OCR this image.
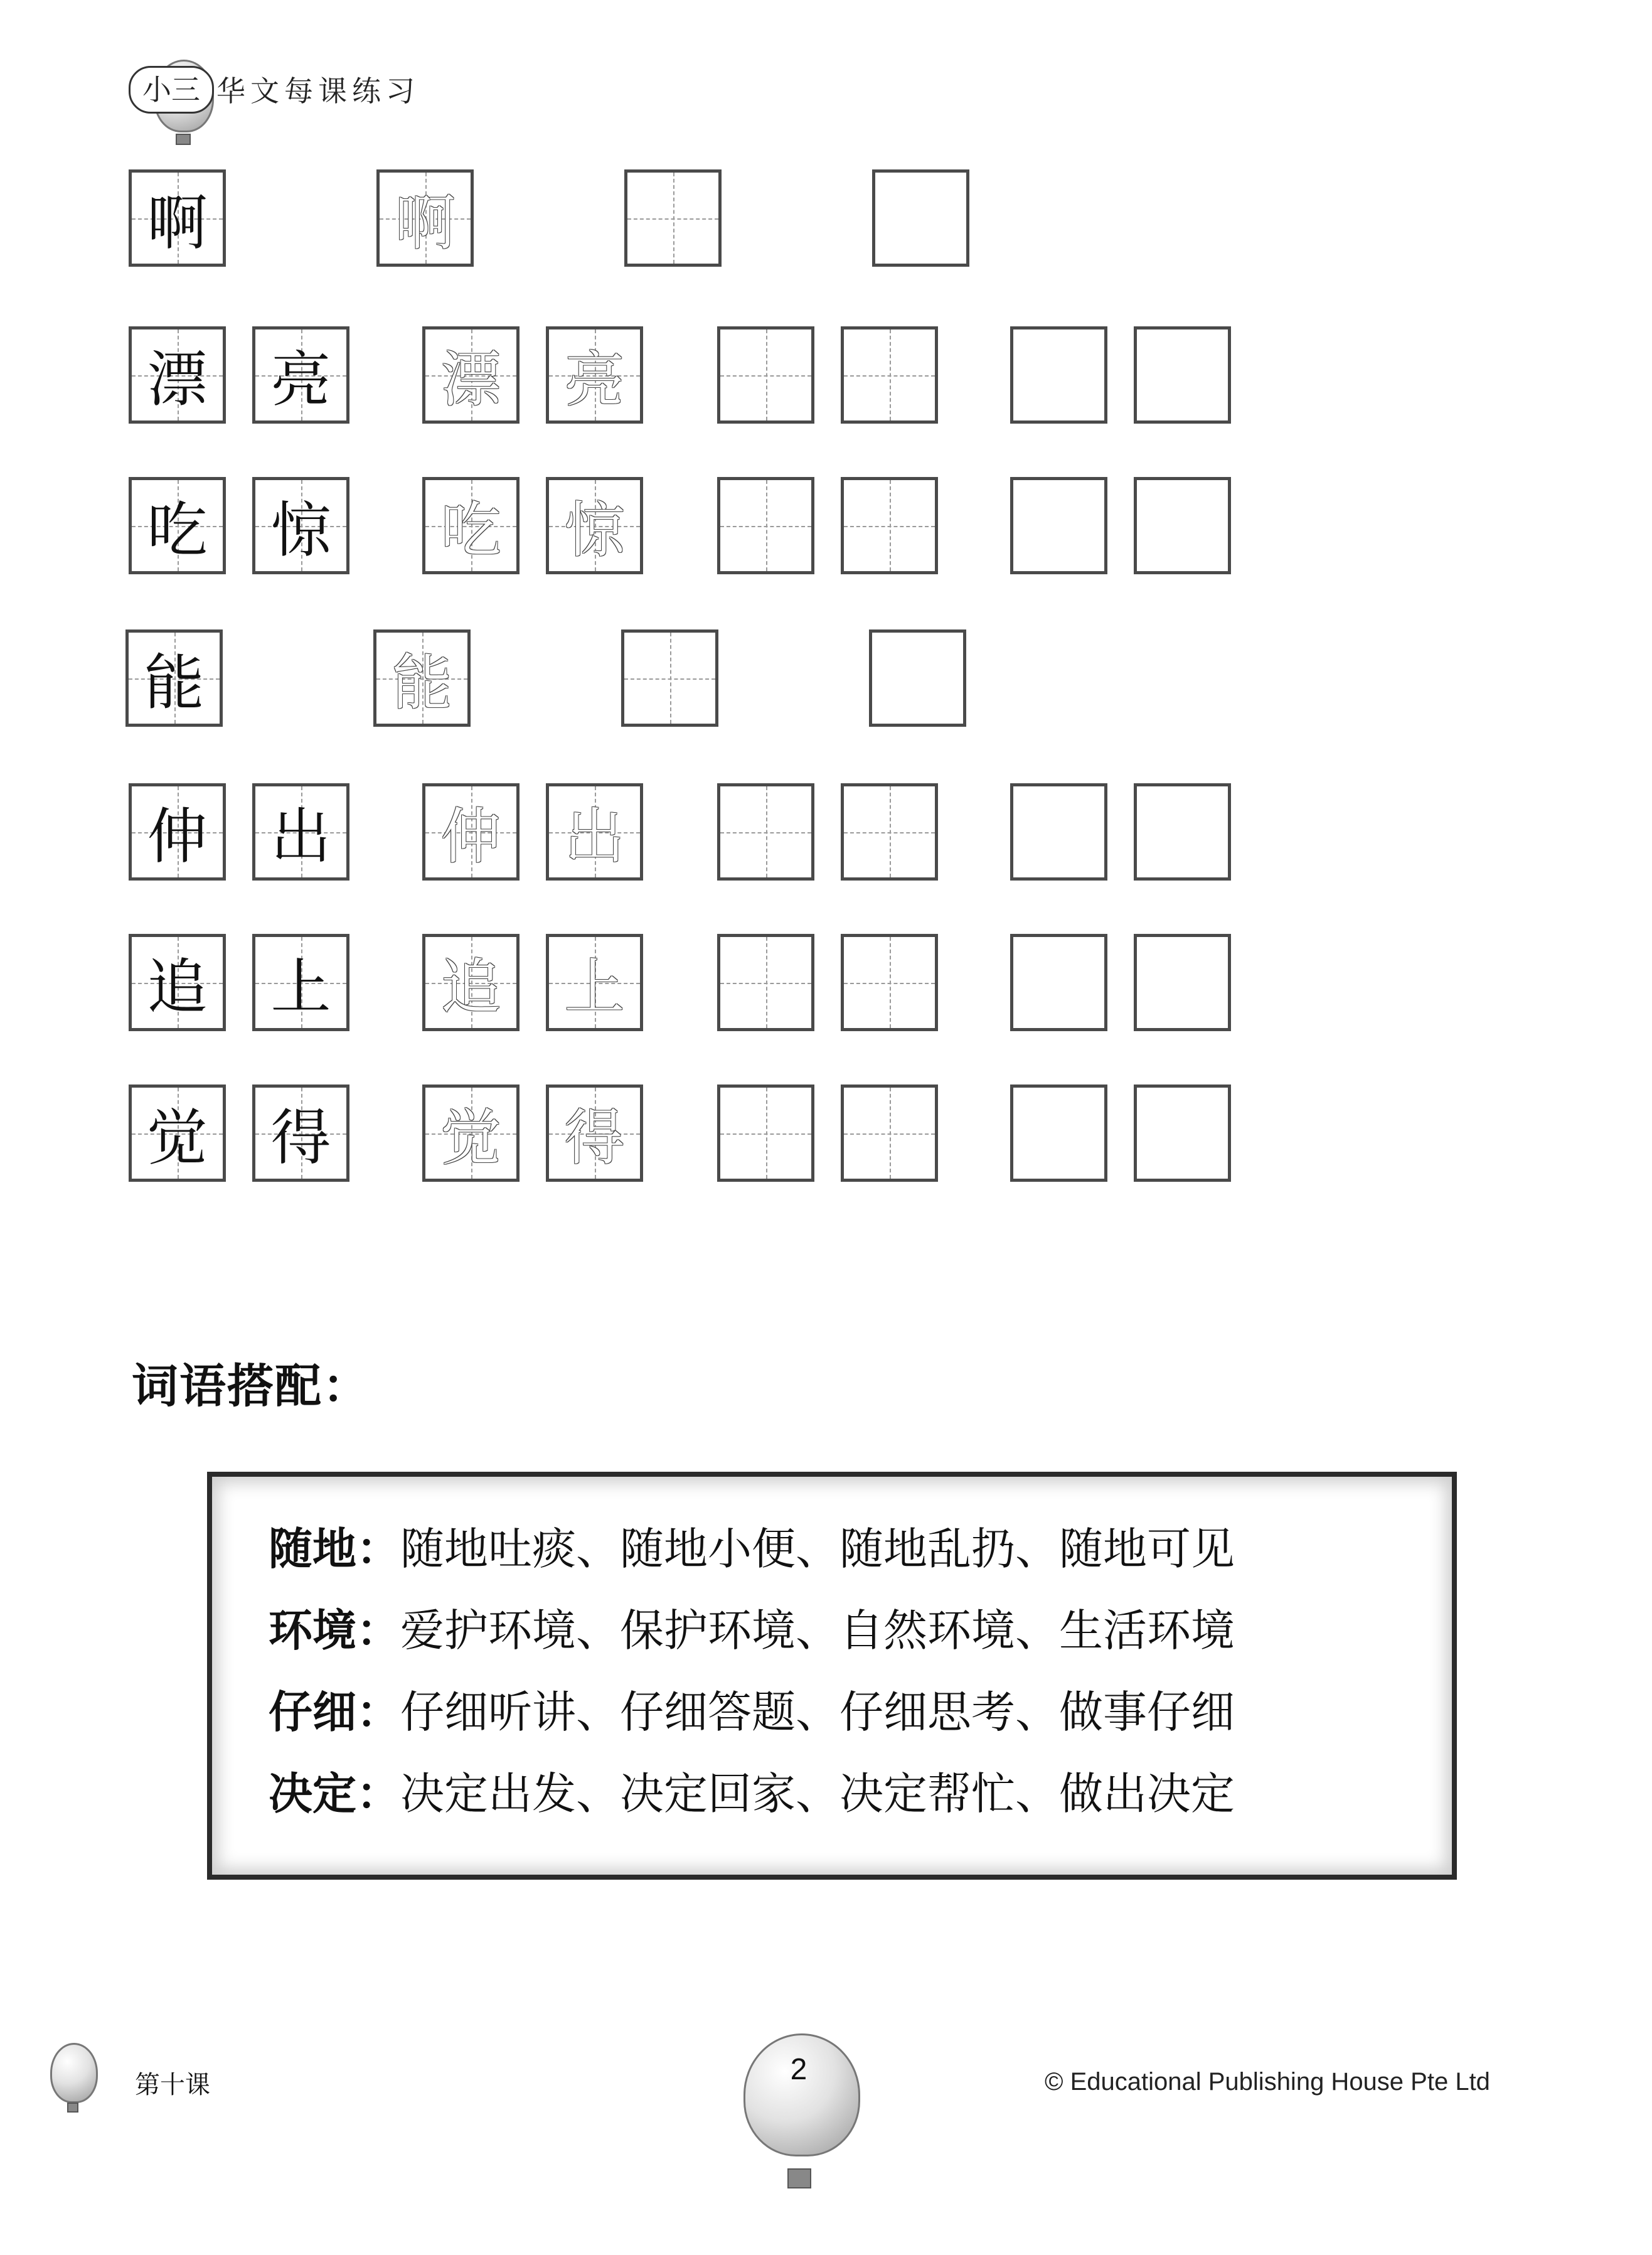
小三 华文每课练习
啊	啊
漂 亮 漂 亮
吃 惊 吃 惊
能	能
伸 出 伸 出
追 上 追 上
觉 得 觉 得
词语搭配：
随地：随地吐痰、随地小便、随地乱扔、随地可见
环境：爱护环境、保护环境、自然环境、生活环境
仔细：仔细听讲、仔细答题、仔细思考、做事仔细
决定：决定出发、决定回家、决定帮忙、做出决定
第十课	2	© Educational Publishing House Pte Ltd
